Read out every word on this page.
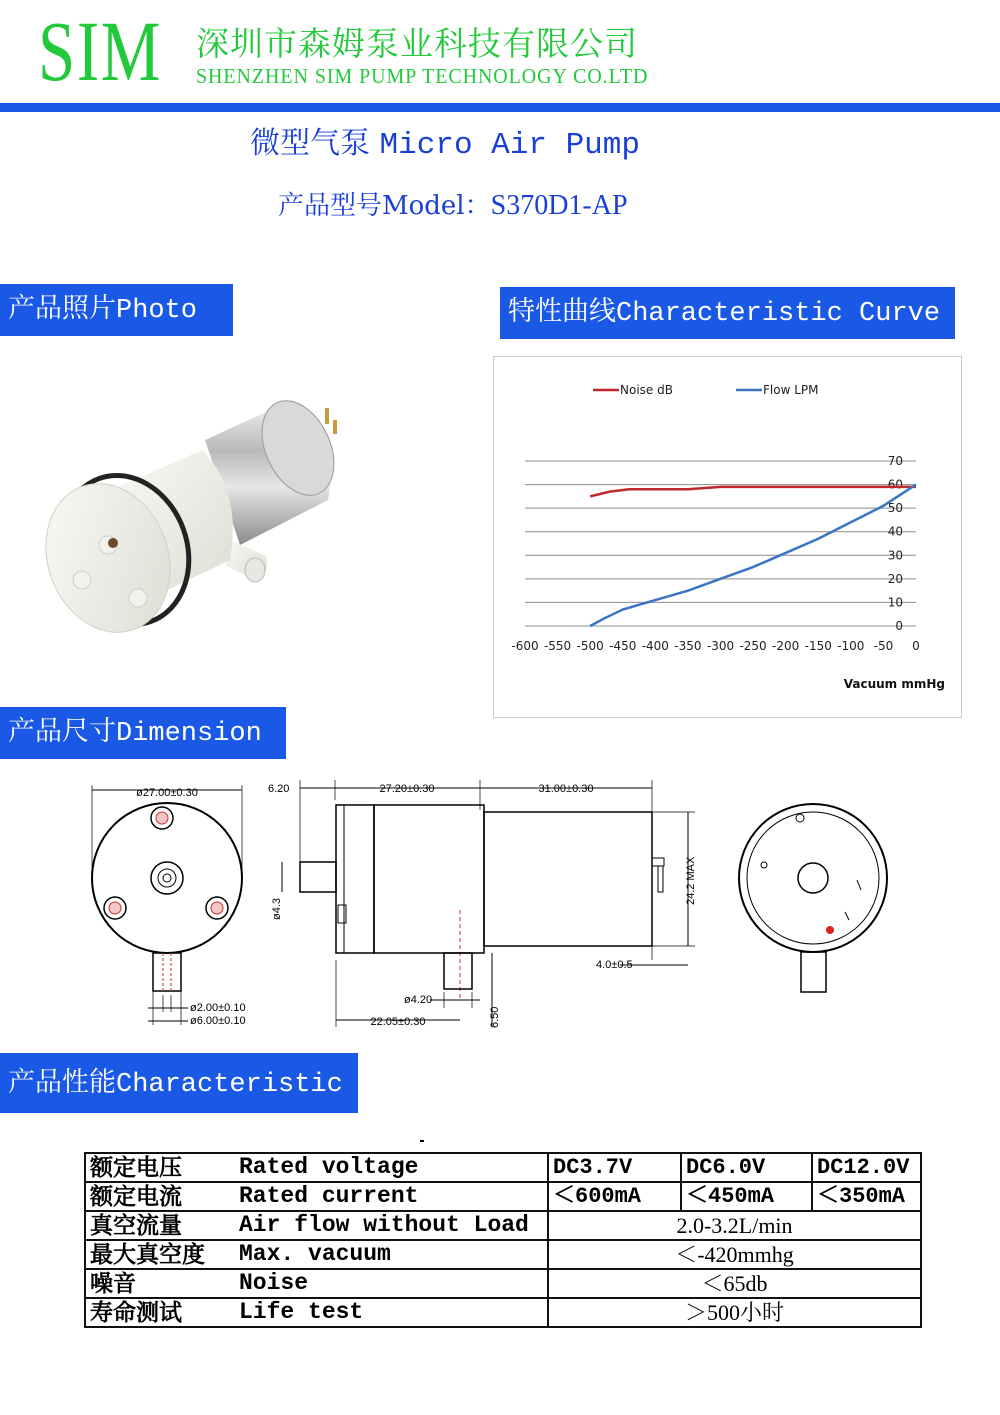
SIM 深圳市森姆泵业科技有限公司
SHENZHEN SIM PUMP TECHNOLOGY CO.LTD
微型气泵 Micro Air Pump
产品型号Model：S370D1-AP
产品照片Photo	特性曲线Characteristic Curve
产品尺寸Dimension
产品性能Characteristic
Noise dB	Flow LPM
0
10
20
30
40
50
60
70
-600 -550 -500 -450 -400 -350 -300 -250 -200 -150 -100 -50 0
Vacuum mmHg
ø27.00±0.30
ø2.00±0.10
ø6.00±0.10
6.20	27.20±0.30	31.00±0.30
ø4.3
24.2 MAX
4.0±0.5
ø4.20
6.50
22.05±0.30
额定电压	Rated voltage	DC3.7V	DC6.0V	DC12.0V
额定电流	Rated current	＜600mA	＜450mA	＜350mA
真空流量	Air flow without Load	2.0-3.2L/min		
最大真空度	Max. vacuum	＜-420mmhg		
噪音	Noise	＜65db		
寿命测试	Life test	＞500小时		
